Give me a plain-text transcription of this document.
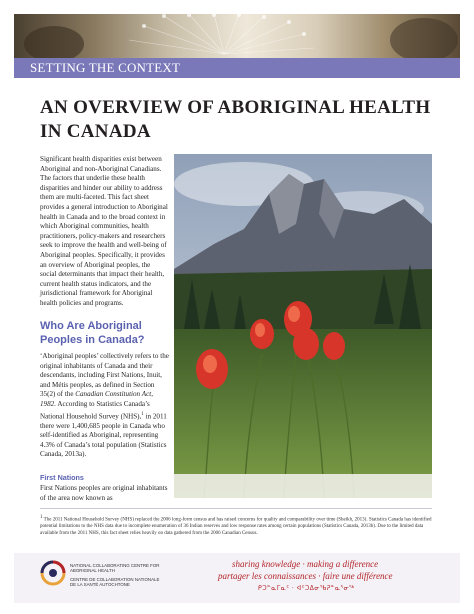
SETTING THE CONTEXT
AN OVERVIEW OF ABORIGINAL HEALTH
IN CANADA

Significant health disparities exist between Aboriginal and non-Aboriginal Canadians. The factors that underlie these health disparities and hinder our ability to address them are multi-faceted. This fact sheet provides a general introduction to Aboriginal health in Canada and to the broad context in which Aboriginal communities, health practitioners, policy-makers and researchers seek to improve the health and well-being of Aboriginal peoples. Specifically, it provides an overview of Aboriginal peoples, the social determinants that impact their health, current health status indicators, and the jurisdictional framework for Aboriginal health policies and programs.

Who Are Aboriginal Peoples in Canada?

‘Aboriginal peoples’ collectively refers to the original inhabitants of Canada and their descendants, including First Nations, Inuit, and Métis peoples, as defined in Section 35(2) of the Canadian Constitution Act, 1982. According to Statistics Canada’s National Household Survey (NHS),$^1$ in 2011 there were 1,400,685 people in Canada who self-identified as Aboriginal, representing 4.3% of Canada’s total population (Statistics Canada, 2013a).

First Nations

First Nations peoples are original inhabitants of the area now known as

1 The 2011 National Household Survey (NHS) replaced the 2006 long-form census and has raised concerns for quality and comparability over time (Sheikh, 2013). Statistics Canada has identified potential limitations to the NHS data due to incomplete enumeration of 36 Indian reserves and low response rates among certain populations (Statistics Canada, 2013b). Due to the limited data available from the 2011 NHS, this fact sheet relies heavily on data gathered from the 2006 Canadian Census.

NATIONAL COLLABORATING CENTRE FOR ABORIGINAL HEALTH
CENTRE DE COLLABORATION NATIONALE DE LA SANTÉ AUTOCHTONE
sharing knowledge · making a difference
partager les connaissances · faire une différence
ᑭᑐᓐᓇᒥᓇᑦ · ᐊᑦᑐᐃᓂᖃᕈᓐᓇᕐᓂᖅ
